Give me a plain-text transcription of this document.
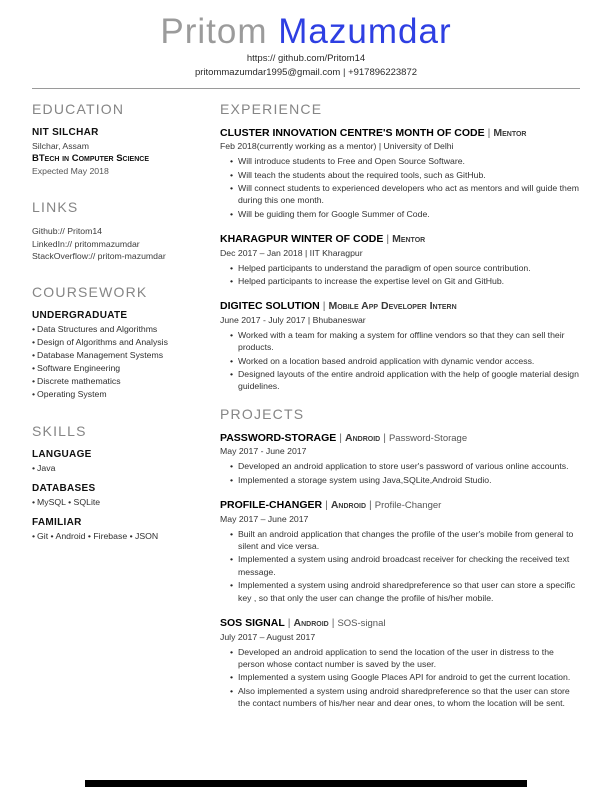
Pritom Mazumdar
https:// github.com/Pritom14
pritommazumdar1995@gmail.com | +917896223872
EDUCATION
NIT SILCHAR
Silchar, Assam
BTech in Computer Science
Expected May 2018
LINKS
Github:// Pritom14
LinkedIn:// pritommazumdar
StackOverflow:// pritom-mazumdar
COURSEWORK
UNDERGRADUATE
• Data Structures and Algorithms
• Design of Algorithms and Analysis
• Database Management Systems
• Software Engineering
• Discrete mathematics
• Operating System
SKILLS
LANGUAGE
• Java
DATABASES
• MySQL • SQLite
FAMILIAR
• Git • Android • Firebase • JSON
EXPERIENCE
CLUSTER INNOVATION CENTRE'S MONTH OF CODE | Mentor
Feb 2018(currently working as a mentor) | University of Delhi
• Will introduce students to Free and Open Source Software.
• Will teach the students about the required tools, such as GitHub.
• Will connect students to experienced developers who act as mentors and will guide them during this one month.
• Will be guiding them for Google Summer of Code.
KHARAGPUR WINTER OF CODE | Mentor
Dec 2017 – Jan 2018 | IIT Kharagpur
• Helped participants to understand the paradigm of open source contribution.
• Helped participants to increase the expertise level on Git and GitHub.
DIGITEC SOLUTION | Mobile App Developer Intern
June 2017 - July 2017 | Bhubaneswar
• Worked with a team for making a system for offline vendors so that they can sell their products.
• Worked on a location based android application with dynamic vendor access.
• Designed layouts of the entire android application with the help of google material design guidelines.
PROJECTS
PASSWORD-STORAGE | Android | Password-Storage
May 2017 - June 2017
• Developed an android application to store user's password of various online accounts.
• Implemented a storage system using Java,SQLite,Android Studio.
PROFILE-CHANGER | Android | Profile-Changer
May 2017 – June 2017
• Built an android application that changes the profile of the user's mobile from general to silent and vice versa.
• Implemented a system using android broadcast receiver for checking the received text message.
• Implemented a system using android sharedpreference so that user can store a specific key , so that only the user can change the profile of his/her mobile.
SOS SIGNAL | Android | SOS-signal
July 2017 – August 2017
• Developed an android application to send the location of the user in distress to the person whose contact number is saved by the user.
• Implemented a system using Google Places API for android to get the current location.
• Also implemented a system using android sharedpreference so that the user can store the contact numbers of his/her near and dear ones, to whom the location will be sent.
